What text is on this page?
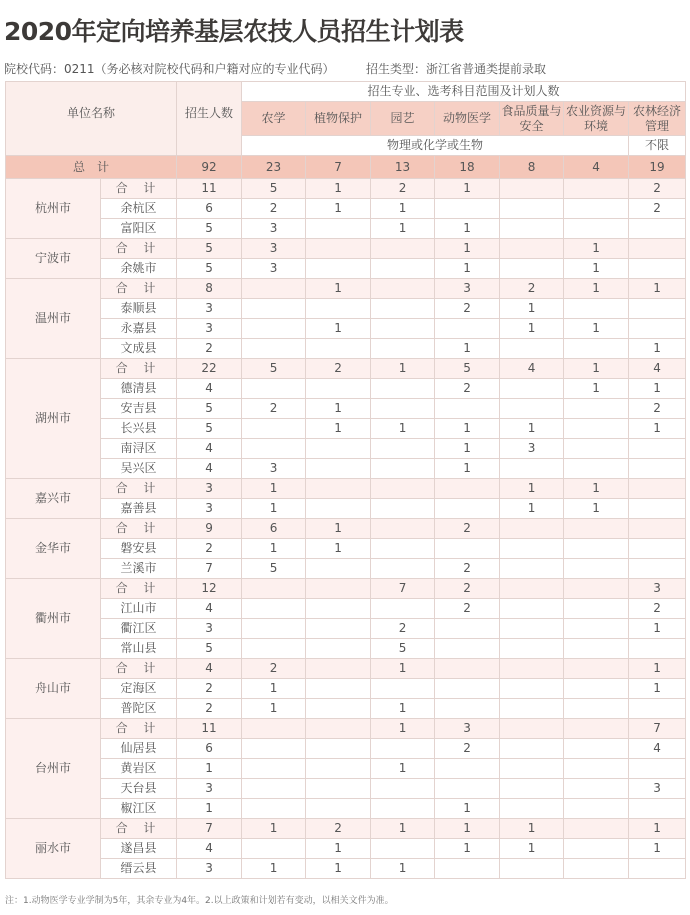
2020年定向培养基层农技人员招生计划表
院校代码：0211（务必核对院校代码和户籍对应的专业代码）	招生类型：浙江省普通类提前录取
单位名称		招生人数	招生专业、选考科目范围及计划人数						
			农学	植物保护	园艺	动物医学	食品质量与安全	农业资源与环境	农林经济管理
			物理或化学或生物						不限
总　计		92	23	7	13	18	8	4	19
杭州市	合 计	11	5	1	2	1			2
	余杭区	6	2	1	1				2
	富阳区	5	3		1	1			
宁波市	合 计	5	3			1		1	
	余姚市	5	3			1		1	
温州市	合 计	8		1		3	2	1	1
	泰顺县	3				2	1		
	永嘉县	3		1			1	1	
	文成县	2				1			1
湖州市	合 计	22	5	2	1	5	4	1	4
	德清县	4				2		1	1
	安吉县	5	2	1					2
	长兴县	5		1	1	1	1		1
	南浔区	4				1	3		
	吴兴区	4	3			1			
嘉兴市	合 计	3	1				1	1	
	嘉善县	3	1				1	1	
金华市	合 计	9	6	1		2			
	磐安县	2	1	1					
	兰溪市	7	5			2			
衢州市	合 计	12			7	2			3
	江山市	4				2			2
	衢江区	3			2				1
	常山县	5			5				
舟山市	合 计	4	2		1				1
	定海区	2	1						1
	普陀区	2	1		1				
台州市	合 计	11			1	3			7
	仙居县	6				2			4
	黄岩区	1			1				
	天台县	3							3
	椒江区	1				1			
丽水市	合 计	7	1	2	1	1	1		1
	遂昌县	4		1		1	1		1
	缙云县	3	1	1	1				
注：1.动物医学专业学制为5年，其余专业为4年。2.以上政策和计划若有变动，以相关文件为准。
